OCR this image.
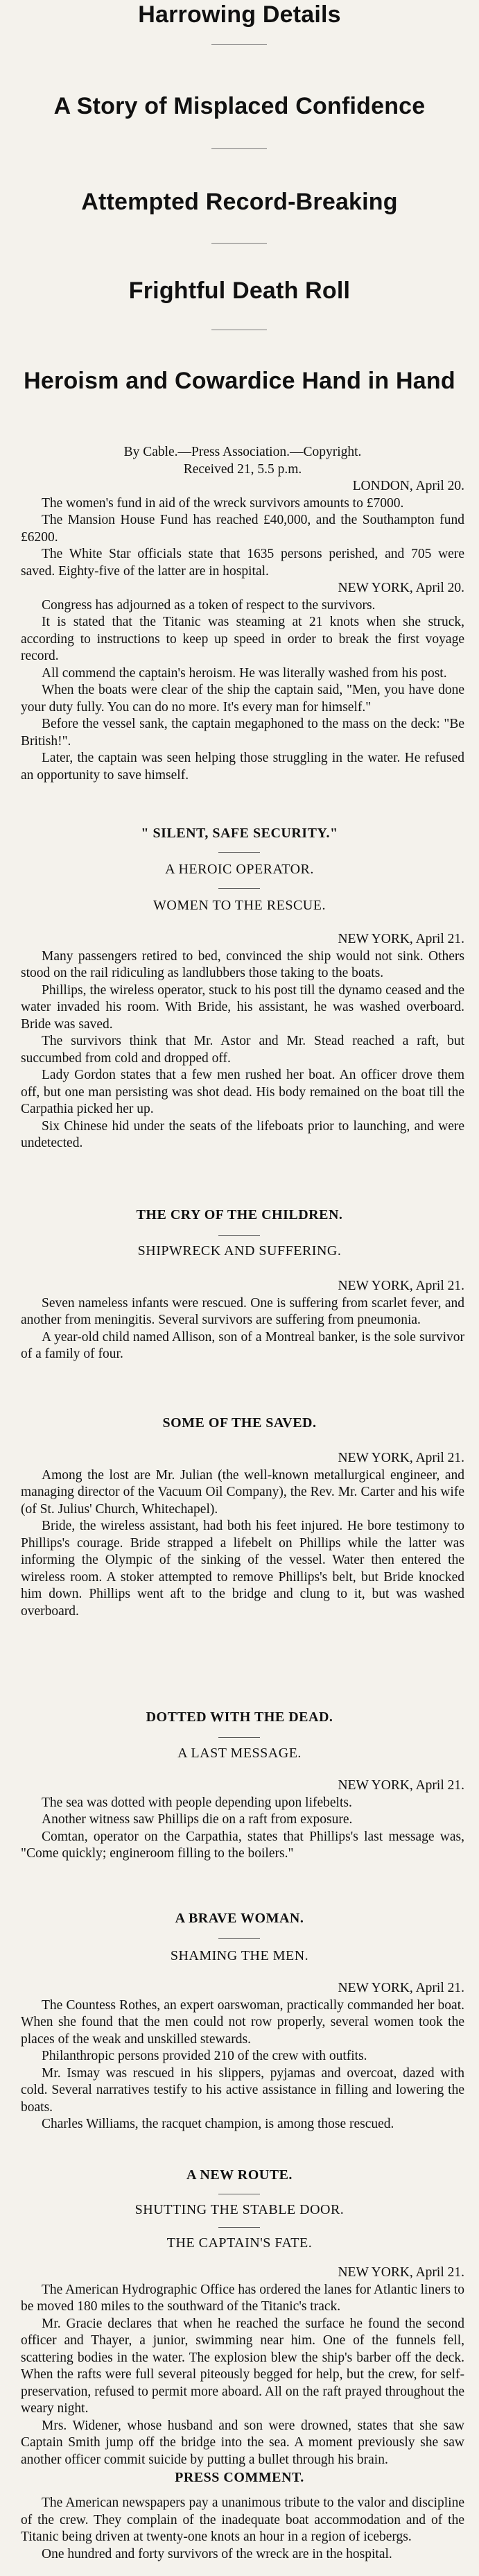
Harrowing Details
A Story of Misplaced Confidence
Attempted Record-Breaking
Frightful Death Roll
Heroism and Cowardice Hand in Hand

By Cable.—Press Association.—Copyright.

Received 21, 5.5 p.m.

LONDON, April 20.

The women's fund in aid of the wreck survivors amounts to £7000.

The Mansion House Fund has reached £40,000, and the Southampton fund £6200.

The White Star officials state that 1635 persons perished, and 705 were saved. Eighty-five of the latter are in hospital.

NEW YORK, April 20.

Congress has adjourned as a token of respect to the survivors.

It is stated that the Titanic was steaming at 21 knots when she struck, according to instructions to keep up speed in order to break the first voyage record.

All commend the captain's heroism. He was literally washed from his post.

When the boats were clear of the ship the captain said, "Men, you have done your duty fully. You can do no more. It's every man for himself."

Before the vessel sank, the captain megaphoned to the mass on the deck: "Be British!".

Later, the captain was seen helping those struggling in the water. He refused an opportunity to save himself.

" SILENT, SAFE SECURITY."
A HEROIC OPERATOR.
WOMEN TO THE RESCUE.

NEW YORK, April 21.

Many passengers retired to bed, convinced the ship would not sink. Others stood on the rail ridiculing as landlubbers those taking to the boats.

Phillips, the wireless operator, stuck to his post till the dynamo ceased and the water invaded his room. With Bride, his assistant, he was washed overboard. Bride was saved.

The survivors think that Mr. Astor and Mr. Stead reached a raft, but succumbed from cold and dropped off.

Lady Gordon states that a few men rushed her boat. An officer drove them off, but one man persisting was shot dead. His body remained on the boat till the Carpathia picked her up.

Six Chinese hid under the seats of the lifeboats prior to launching, and were undetected.

THE CRY OF THE CHILDREN.
SHIPWRECK AND SUFFERING.

NEW YORK, April 21.

Seven nameless infants were rescued. One is suffering from scarlet fever, and another from meningitis. Several survivors are suffering from pneumonia.

A year-old child named Allison, son of a Montreal banker, is the sole survivor of a family of four.

SOME OF THE SAVED.

NEW YORK, April 21.

Among the lost are Mr. Julian (the well-known metallurgical engineer, and managing director of the Vacuum Oil Company), the Rev. Mr. Carter and his wife (of St. Julius' Church, Whitechapel).

Bride, the wireless assistant, had both his feet injured. He bore testimony to Phillips's courage. Bride strapped a lifebelt on Phillips while the latter was informing the Olympic of the sinking of the vessel. Water then entered the wireless room. A stoker attempted to remove Phillips's belt, but Bride knocked him down. Phillips went aft to the bridge and clung to it, but was washed overboard.

DOTTED WITH THE DEAD.
A LAST MESSAGE.

NEW YORK, April 21.

The sea was dotted with people depending upon lifebelts.

Another witness saw Phillips die on a raft from exposure.

Comtan, operator on the Carpathia, states that Phillips's last message was, "Come quickly; engineroom filling to the boilers."

A BRAVE WOMAN.
SHAMING THE MEN.

NEW YORK, April 21.

The Countess Rothes, an expert oarswoman, practically commanded her boat. When she found that the men could not row properly, several women took the places of the weak and unskilled stewards.

Philanthropic persons provided 210 of the crew with outfits.

Mr. Ismay was rescued in his slippers, pyjamas and overcoat, dazed with cold. Several narratives testify to his active assistance in filling and lowering the boats.

Charles Williams, the racquet champion, is among those rescued.

A NEW ROUTE.
SHUTTING THE STABLE DOOR.
THE CAPTAIN'S FATE.

NEW YORK, April 21.

The American Hydrographic Office has ordered the lanes for Atlantic liners to be moved 180 miles to the southward of the Titanic's track.

Mr. Gracie declares that when he reached the surface he found the second officer and Thayer, a junior, swimming near him. One of the funnels fell, scattering bodies in the water. The explosion blew the ship's barber off the deck. When the rafts were full several piteously begged for help, but the crew, for self-preservation, refused to permit more aboard. All on the raft prayed throughout the weary night.

Mrs. Widener, whose husband and son were drowned, states that she saw Captain Smith jump off the bridge into the sea. A moment previously she saw another officer commit suicide by putting a bullet through his brain.

PRESS COMMENT.

The American newspapers pay a unanimous tribute to the valor and discipline of the crew. They complain of the inadequate boat accommodation and of the Titanic being driven at twenty-one knots an hour in a region of icebergs.

One hundred and forty survivors of the wreck are in the hospital.
